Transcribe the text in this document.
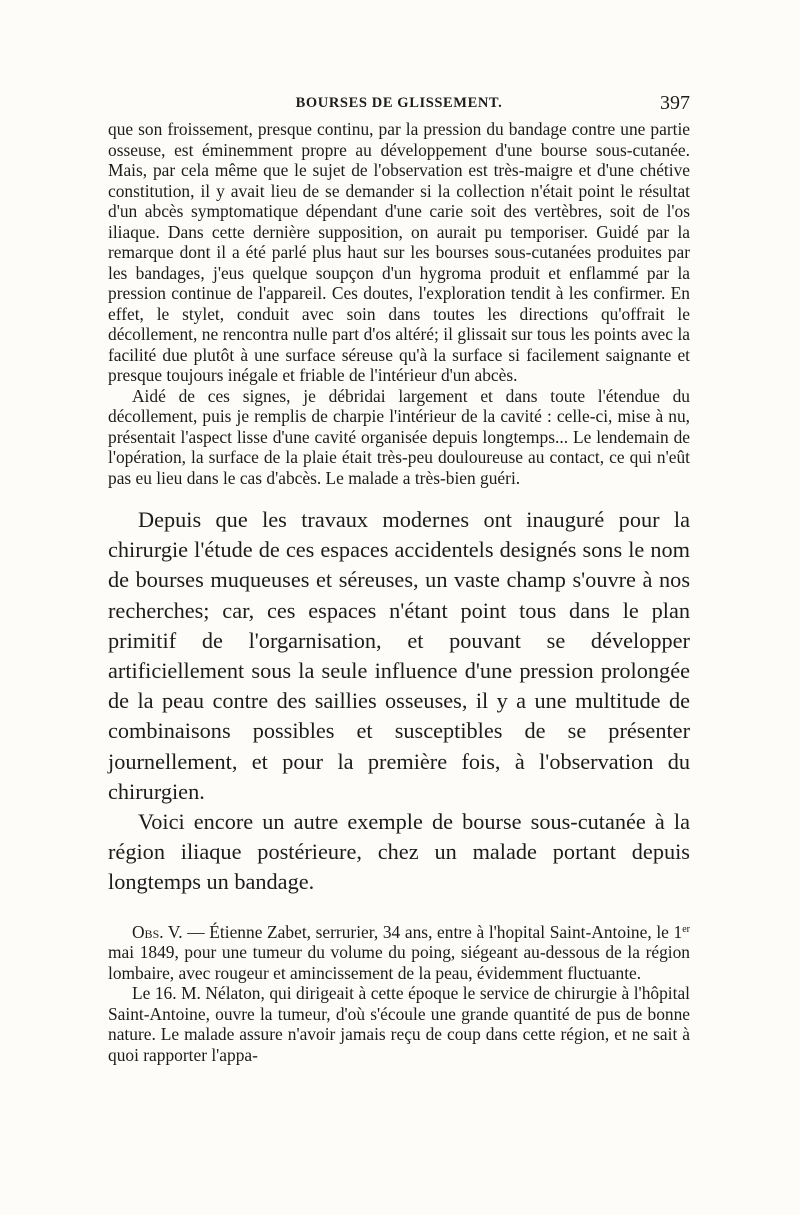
BOURSES DE GLISSEMENT.	397

que son froissement, presque continu, par la pression du bandage contre une partie osseuse, est éminemment propre au développement d'une bourse sous-cutanée. Mais, par cela même que le sujet de l'observation est très-maigre et d'une chétive constitution, il y avait lieu de se demander si la collection n'était point le résultat d'un abcès symptomatique dépendant d'une carie soit des vertèbres, soit de l'os iliaque. Dans cette dernière supposition, on aurait pu temporiser. Guidé par la remarque dont il a été parlé plus haut sur les bourses sous-cutanées produites par les bandages, j'eus quelque soupçon d'un hygroma produit et enflammé par la pression continue de l'appareil. Ces doutes, l'exploration tendit à les confirmer. En effet, le stylet, conduit avec soin dans toutes les directions qu'offrait le décollement, ne rencontra nulle part d'os altéré; il glissait sur tous les points avec la facilité due plutôt à une surface séreuse qu'à la surface si facilement saignante et presque toujours inégale et friable de l'intérieur d'un abcès.

Aidé de ces signes, je débridai largement et dans toute l'étendue du décollement, puis je remplis de charpie l'intérieur de la cavité : celle-ci, mise à nu, présentait l'aspect lisse d'une cavité organisée depuis longtemps... Le lendemain de l'opération, la surface de la plaie était très-peu douloureuse au contact, ce qui n'eût pas eu lieu dans le cas d'abcès. Le malade a très-bien guéri.

Depuis que les travaux modernes ont inauguré pour la chirurgie l'étude de ces espaces accidentels designés sons le nom de bourses muqueuses et séreuses, un vaste champ s'ouvre à nos recherches; car, ces espaces n'étant point tous dans le plan primitif de l'orgarnisation, et pouvant se développer artificiellement sous la seule influence d'une pression prolongée de la peau contre des saillies osseuses, il y a une multitude de combinaisons possibles et susceptibles de se présenter journellement, et pour la première fois, à l'observation du chirurgien.

Voici encore un autre exemple de bourse sous-cutanée à la région iliaque postérieure, chez un malade portant depuis longtemps un bandage.

Obs. V. — Étienne Zabet, serrurier, 34 ans, entre à l'hopital Saint-Antoine, le 1er mai 1849, pour une tumeur du volume du poing, siégeant au-dessous de la région lombaire, avec rougeur et amincissement de la peau, évidemment fluctuante.

Le 16. M. Nélaton, qui dirigeait à cette époque le service de chirurgie à l'hôpital Saint-Antoine, ouvre la tumeur, d'où s'écoule une grande quantité de pus de bonne nature. Le malade assure n'avoir jamais reçu de coup dans cette région, et ne sait à quoi rapporter l'appa-
